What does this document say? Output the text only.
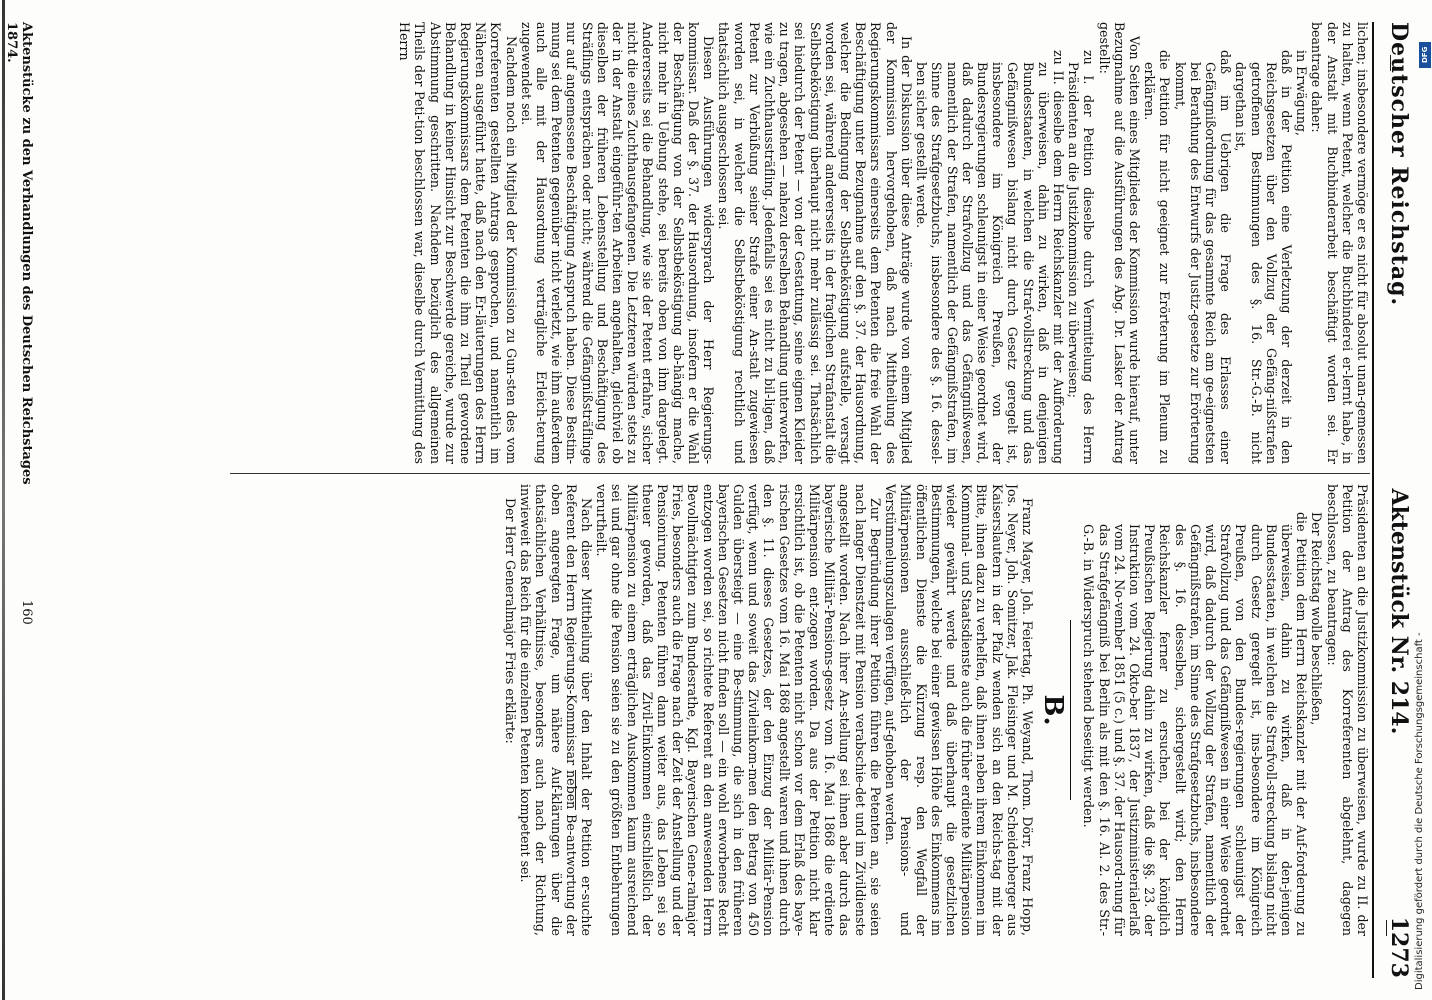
Deutscher Reichstag.
Aktenstück Nr. 214.
1273

lichen; insbesondere vermöge er es nicht für absolut unan-gemessen zu halten, wenn Petent, welcher die Buchbinderei er-lernt habe, in der Anstalt mit Buchbinderarbeit beschäftigt worden sei. Er beantrage daher:

in Erwägung,

daß in der Petition eine Verletzung der derzeit in den Reichsgesetzen über den Vollzug der Gefäng-nißstrafen getroffenen Bestimmungen des §. 16. Str.-G.-B. nicht dargethan ist,

daß im Uebrigen die Frage des Erlasses einer Gefängnißordnung für das gesammte Reich am ge-eignetsten bei Berathung des Entwurfs der Justiz-gesetze zur Erörterung kommt,

die Petition für nicht geeignet zur Erörterung im Plenum zu erklären.

Von Seiten eines Mitgliedes der Kommission wurde hierauf, unter Bezugnahme auf die Ausführungen des Abg. Dr. Lasker der Antrag gestellt:

zu I. der Petition dieselbe durch Vermittelung des Herrn Präsidenten an die Justizkommission zu überweisen;

zu II. dieselbe dem Herrn Reichskanzler mit der Aufforderung zu überweisen, dahin zu wirken, daß in denjenigen Bundesstaaten, in welchen die Straf-vollstreckung und das Gefängnißwesen bislang nicht durch Gesetz geregelt ist, insbesondere im Königreich Preußen, von der Bundesregierungen schleunigst in einer Weise geordnet wird, daß dadurch der Strafvollzug und das Gefängnißwesen, namentlich der Strafen, namentlich der Gefängnißstrafen, im Sinne des Strafgesetzbuchs, insbesondere des §. 16. dessel-ben sicher gestellt werde.

In der Diskussion über diese Anträge wurde von einem Mitglied der Kommission hervorgehoben, daß nach Mittheilung des Regierungskommissars einerseits dem Petenten die freie Wahl der Beschäftigung unter Bezugnahme auf den §. 37. der Hausordnung, welcher die Bedingung der Selbstbeköstigung aufstelle, versagt worden sei, während andererseits in der fraglichen Strafanstalt die Selbstbeköstigung überhaupt nicht mehr zulässig sei. Thatsächlich sei hiedurch der Petent — von der Gestattung, seine eignen Kleider zu tragen, abgesehen — nahezu derselben Behandlung unterworfen, wie ein Zuchthaussträfling. Jedenfalls sei es nicht zu bil-ligen, daß Petent zur Verbüßung seiner Strafe einer An-stalt zugewiesen worden sei, in welcher die Selbstbeköstigung rechtlich und thatsächlich ausgeschlossen sei.

Diesen Ausführungen widersprach der Herr Regierungs-kommissar. Daß der §. 37. der Hausordnung, insofern er die Wahl der Beschäftigung von der Selbstbeköstigung ab-hängig mache, nicht mehr in Uebung stehe, sei bereits oben von ihm dargelegt. Andererseits sei die Behandlung, wie sie der Petent erfahre, sicher nicht die eines Zuchthausgefangenen. Die Letzteren würden stets zu der in der Anstalt eingeführ-ten Arbeiten angehalten, gleichviel ob dieselben der früheren Lebensstellung und Beschäftigung des Sträflings entsprächen oder nicht; während die Gefängnißsträflinge nur auf angemessene Beschäftigung Anspruch haben. Diese Bestim-mung sei dem Petenten gegenüber nicht verletzt, wie ihm außerdem auch alle mit der Hausordnung verträgliche Erleich-terung zugewendet sei.

Nachdem noch ein Mitglied der Kommission zu Gun-sten des vom Korreferenten gestellten Antrags gesprochen, und namentlich im Näheren ausgeführt hatte, daß nach den Er-läuterungen des Herrn Regierungskommissars dem Petenten die ihm zu Theil gewordene Behandlung in keiner Hinsicht zur Beschwerde gereiche, wurde zur Abstimmung geschritten. Nachdem bezüglich des allgemeinen Theils der Peti-tion beschlossen war, dieselbe durch Vermittlung des Herrn

Präsidenten an die Justizkommission zu überweisen, wurde zu II. der Petition der Antrag des Korreferenten abgelehnt, dagegen beschlossen, zu beantragen:

Der Reichstag wolle beschließen,

die Petition dem Herrn Reichskanzler mit der Auf-forderung zu überweisen, dahin zu wirken, daß in den-jenigen Bundesstaaten, in welchen die Strafvoll-streckung bislang nicht durch Gesetz geregelt ist, ins-besondere im Königreich Preußen, von den Bundes-regierungen schleunigst der Strafvollzug und das Gefängnißwesen in einer Weise geordnet wird, daß dadurch der Vollzug der Strafen, namentlich der Gefängnißstrafen, im Sinne des Strafgesetzbuchs, insbesondere des §. 16. desselben, sichergestellt wird; den Herrn Reichskanzler ferner zu ersuchen, bei der königlich Preußischen Regierung dahin zu wirken, daß die §§. 23. der Instruktion vom 24. Okto-ber 1837, der Justizministerialerlaß vom 24. No-vember 1851 (5 c.) und §. 37. der Hausord-nung für das Strafgefängniß bei Berlin als mit den §. 16. Al. 2. des Str.-G.-B. in Widerspruch stehend beseitigt werden.

B.

Franz Mayer, Joh. Feiertag, Ph. Weyand, Thom. Dörr, Franz Hopp, Jos. Neyer, Joh. Somitzer, Jak. Fleisinger und M. Scheidenberger aus Kaiserslautern in der Pfalz wenden sich an den Reichs-tag mit der Bitte, ihnen dazu zu verhelfen, daß ihnen neben ihrem Einkommen im Kommunal- und Staatsdienste auch die früher erdiente Militärpension wieder gewährt werde und daß überhaupt die gesetzlichen Bestimmungen, welche bei einer gewissen Höhe des Einkommens im öffentlichen Dienste die Kürzung resp. den Wegfall der Militärpensionen ausschließ-lich der Pensions- und Verstümmelungszulagen verfügen, auf-gehoben werden.

Zur Begründung ihrer Petition führen die Petenten an, sie seien nach langer Dienstzeit mit Pension verabschie-det und im Zivildienste angestellt worden. Nach ihrer An-stellung sei ihnen aber durch das bayerische Militär-Pensions-gesetz vom 16. Mai 1868 die erdiente Militärpension ent-zogen worden. Da aus der Petition nicht klar ersichtlich ist, ob die Petenten nicht schon vor dem Erlaß des baye-rischen Gesetzes vom 16. Mai 1868 angestellt waren und ihnen durch den §. 11. dieses Gesetzes, der den Einzug der Militär-Pension verfügt, wenn und soweit das Zivileinkom-men den Betrag von 450 Gulden übersteigt — eine Be-stimmung, die sich in den früheren bayerischen Gesetzen nicht finden soll — ein wohl erworbenes Recht entzogen worden sei, so richtete Referent an den anwesenden Herrn Bevollmächtigten zum Bundesrathe, Kgl. Bayerischen Gene-ralmajor Fries, besonders auch die Frage nach der Zeit der Anstellung und der Pensionirung. Petenten führen dann weiter aus, das Leben sei so theuer geworden, daß das Zivil-Einkommen einschließlich der Militärpension zu einem erträglichen Auskommen kaum ausreichend sei und gar ohne die Pension seien sie zu den größten Entbehrungen verurtheilt.

Nach dieser Mittheilung über den Inhalt der Petition er-suchte Referent den Herrn Regierungs-Kommissar neben Be-antwortung der oben angeregten Frage, um nähere Auf-klärungen über die thatsächlichen Verhältnisse, besonders auch nach der Richtung, inwieweit das Reich für die einzelnen Petenten kompetent sei.

Der Herr Generalmajor Fries erklärte:

Aktenstücke zu den Verhandlungen des Deutschen Reichstages 1874.
160
Digitalisierung gefördert durch die Deutsche Forschungsgemeinschaft -
DFG
